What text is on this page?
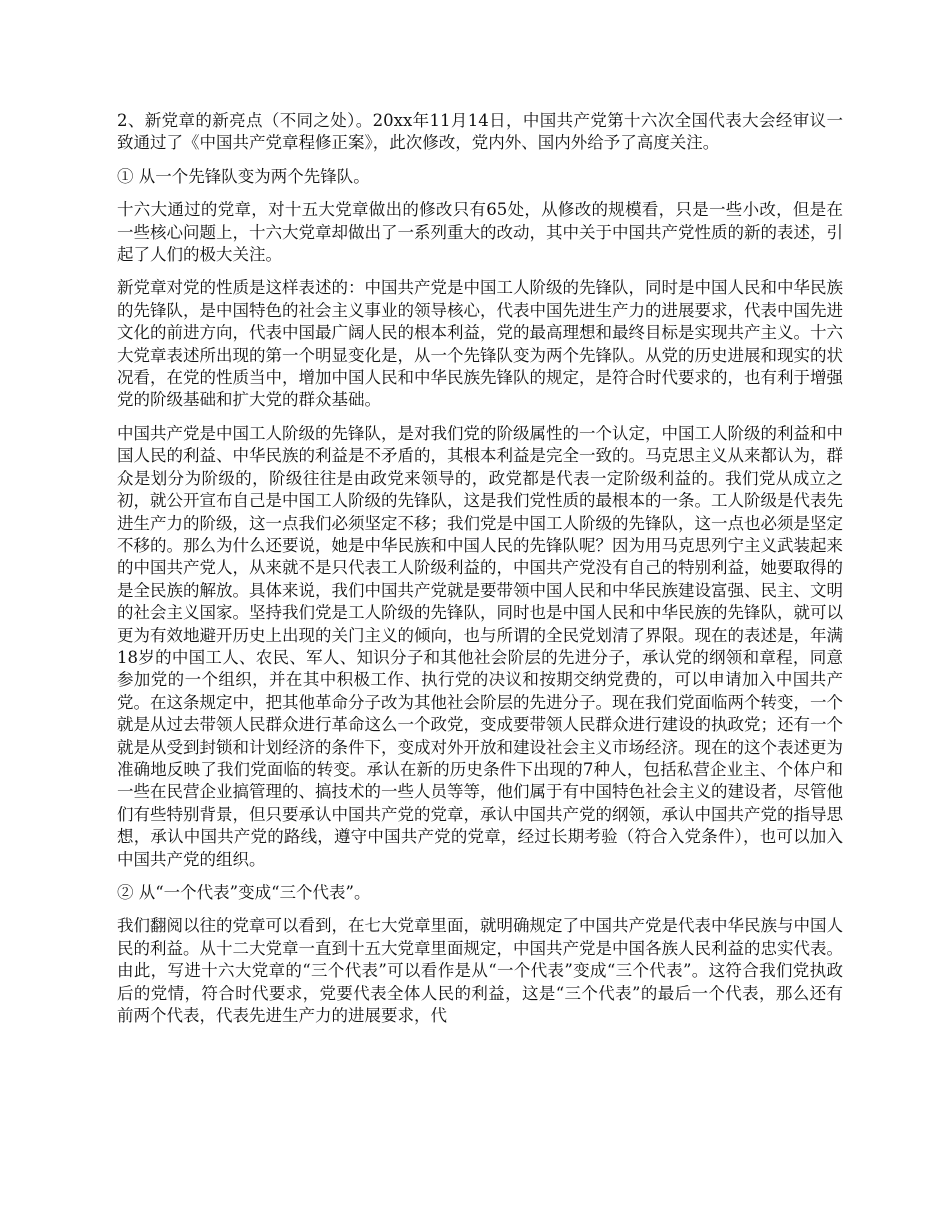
2、新党章的新亮点（不同之处）。20xx年11月14日，中国共产党第十六次全国代表大会经审议一致通过了《中国共产党章程修正案》，此次修改，党内外、国内外给予了高度关注。

① 从一个先锋队变为两个先锋队。

十六大通过的党章，对十五大党章做出的修改只有65处，从修改的规模看，只是一些小改，但是在一些核心问题上，十六大党章却做出了一系列重大的改动，其中关于中国共产党性质的新的表述，引起了人们的极大关注。

新党章对党的性质是这样表述的：中国共产党是中国工人阶级的先锋队，同时是中国人民和中华民族的先锋队，是中国特色的社会主义事业的领导核心，代表中国先进生产力的进展要求，代表中国先进文化的前进方向，代表中国最广阔人民的根本利益，党的最高理想和最终目标是实现共产主义。十六大党章表述所出现的第一个明显变化是，从一个先锋队变为两个先锋队。从党的历史进展和现实的状况看，在党的性质当中，增加中国人民和中华民族先锋队的规定，是符合时代要求的，也有利于增强党的阶级基础和扩大党的群众基础。

中国共产党是中国工人阶级的先锋队，是对我们党的阶级属性的一个认定，中国工人阶级的利益和中国人民的利益、中华民族的利益是不矛盾的，其根本利益是完全一致的。马克思主义从来都认为，群众是划分为阶级的，阶级往往是由政党来领导的，政党都是代表一定阶级利益的。我们党从成立之初，就公开宣布自己是中国工人阶级的先锋队，这是我们党性质的最根本的一条。工人阶级是代表先进生产力的阶级，这一点我们必须坚定不移；我们党是中国工人阶级的先锋队，这一点也必须是坚定不移的。那么为什么还要说，她是中华民族和中国人民的先锋队呢？因为用马克思列宁主义武装起来的中国共产党人，从来就不是只代表工人阶级利益的，中国共产党没有自己的特别利益，她要取得的是全民族的解放。具体来说，我们中国共产党就是要带领中国人民和中华民族建设富强、民主、文明的社会主义国家。坚持我们党是工人阶级的先锋队，同时也是中国人民和中华民族的先锋队，就可以更为有效地避开历史上出现的关门主义的倾向，也与所谓的全民党划清了界限。现在的表述是，年满18岁的中国工人、农民、军人、知识分子和其他社会阶层的先进分子，承认党的纲领和章程，同意参加党的一个组织，并在其中积极工作、执行党的决议和按期交纳党费的，可以申请加入中国共产党。在这条规定中，把其他革命分子改为其他社会阶层的先进分子。现在我们党面临两个转变，一个就是从过去带领人民群众进行革命这么一个政党，变成要带领人民群众进行建设的执政党；还有一个就是从受到封锁和计划经济的条件下，变成对外开放和建设社会主义市场经济。现在的这个表述更为准确地反映了我们党面临的转变。承认在新的历史条件下出现的7种人，包括私营企业主、个体户和一些在民营企业搞管理的、搞技术的一些人员等等，他们属于有中国特色社会主义的建设者，尽管他们有些特别背景，但只要承认中国共产党的党章，承认中国共产党的纲领，承认中国共产党的指导思想，承认中国共产党的路线，遵守中国共产党的党章，经过长期考验（符合入党条件），也可以加入中国共产党的组织。

② 从“一个代表”变成“三个代表”。

我们翻阅以往的党章可以看到，在七大党章里面，就明确规定了中国共产党是代表中华民族与中国人民的利益。从十二大党章一直到十五大党章里面规定，中国共产党是中国各族人民利益的忠实代表。由此，写进十六大党章的“三个代表”可以看作是从“一个代表”变成“三个代表”。这符合我们党执政后的党情，符合时代要求，党要代表全体人民的利益，这是“三个代表”的最后一个代表，那么还有前两个代表，代表先进生产力的进展要求，代
